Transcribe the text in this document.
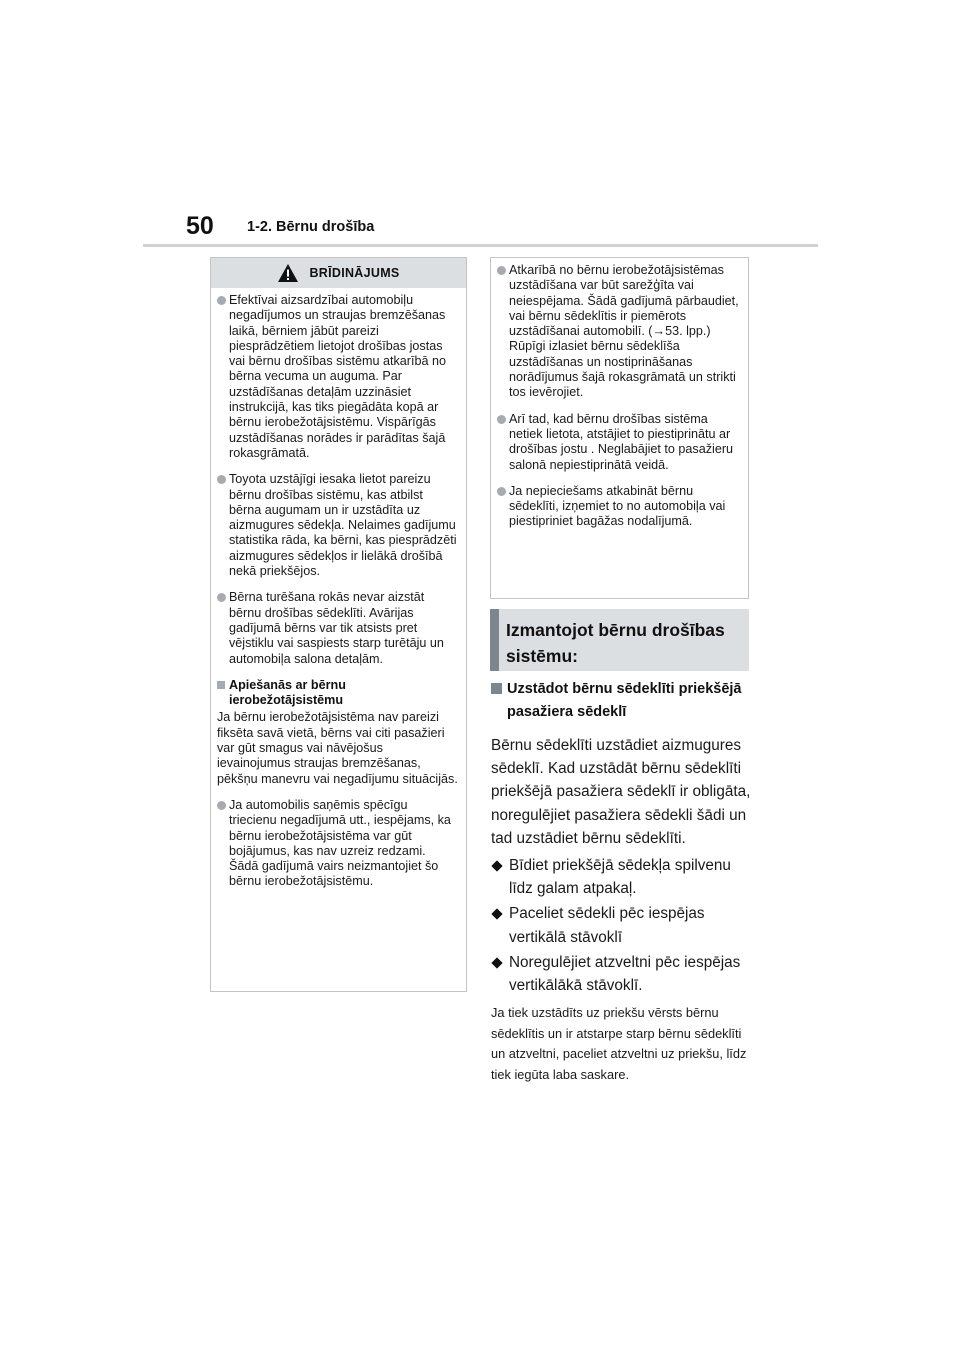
50 1-2. Bērnu drošība
BRĪDINĀJUMS
Efektīvai aizsardzībai automobiļu negadījumos un straujas bremzēšanas laikā, bērniem jābūt pareizi piesprādzētiem lietojot drošības jostas vai bērnu drošības sistēmu atkarībā no bērna vecuma un auguma. Par uzstādīšanas detaļām uzzināsiet instrukcijā, kas tiks piegādāta kopā ar bērnu ierobežotājsistēmu. Vispārīgās uzstādīšanas norādes ir parādītas šajā rokasgrāmatā.
Toyota uzstājīgi iesaka lietot pareizu bērnu drošības sistēmu, kas atbilst bērna augumam un ir uzstādīta uz aizmugures sēdekļa. Nelaimes gadījumu statistika rāda, ka bērni, kas piesprādzēti aizmugures sēdekļos ir lielākā drošībā nekā priekšējos.
Bērna turēšana rokās nevar aizstāt bērnu drošības sēdeklīti. Avārijas gadījumā bērns var tik atsists pret vējstiklu vai saspiests starp turētāju un automobiļa salona detaļām.
Apiešanās ar bērnu ierobežotājsistēmu
Ja bērnu ierobežotājsistēma nav pareizi fiksēta savā vietā, bērns vai citi pasažieri var gūt smagus vai nāvējošus ievainojumus straujas bremzēšanas, pēkšņu manevru vai negadījumu situācijās.
Ja automobilis saņēmis spēcīgu triecienu negadījumā utt., iespējams, ka bērnu ierobežotājsistēma var gūt bojājumus, kas nav uzreiz redzami. Šādā gadījumā vairs neizmantojiet šo bērnu ierobežotājsistēmu.
Atkarībā no bērnu ierobežotājsistēmas uzstādīšana var būt sarežģīta vai neiespējama. Šādā gadījumā pārbaudiet, vai bērnu sēdeklītis ir piemērots uzstādīšanai automobilī. (→53. lpp.) Rūpīgi izlasiet bērnu sēdeklīša uzstādīšanas un nostiprināšanas norādījumus šajā rokasgrāmatā un strikti tos ievērojiet.
Arī tad, kad bērnu drošības sistēma netiek lietota, atstājiet to piestiprinātu ar drošības jostu . Neglabājiet to pasažieru salonā nepiestiprinātā veidā.
Ja nepieciešams atkabināt bērnu sēdeklīti, izņemiet to no automobiļa vai piestipriniet bagāžas nodalījumā.
Izmantojot bērnu drošības
sistēmu:
Uzstādot bērnu sēdeklīti priekšējā pasažiera sēdeklī
Bērnu sēdeklīti uzstādiet aizmugures sēdeklī. Kad uzstādāt bērnu sēdeklīti priekšējā pasažiera sēdeklī ir obligāta, noregulējiet pasažiera sēdekli šādi un tad uzstādiet bērnu sēdeklīti.
Bīdiet priekšējā sēdekļa spilvenu līdz galam atpakaļ.
Paceliet sēdekli pēc iespējas vertikālā stāvoklī
Noregulējiet atzveltni pēc iespējas vertikālākā stāvoklī.
Ja tiek uzstādīts uz priekšu vērsts bērnu sēdeklītis un ir atstarpe starp bērnu sēdeklīti un atzveltni, paceliet atzveltni uz priekšu, līdz tiek iegūta laba saskare.
